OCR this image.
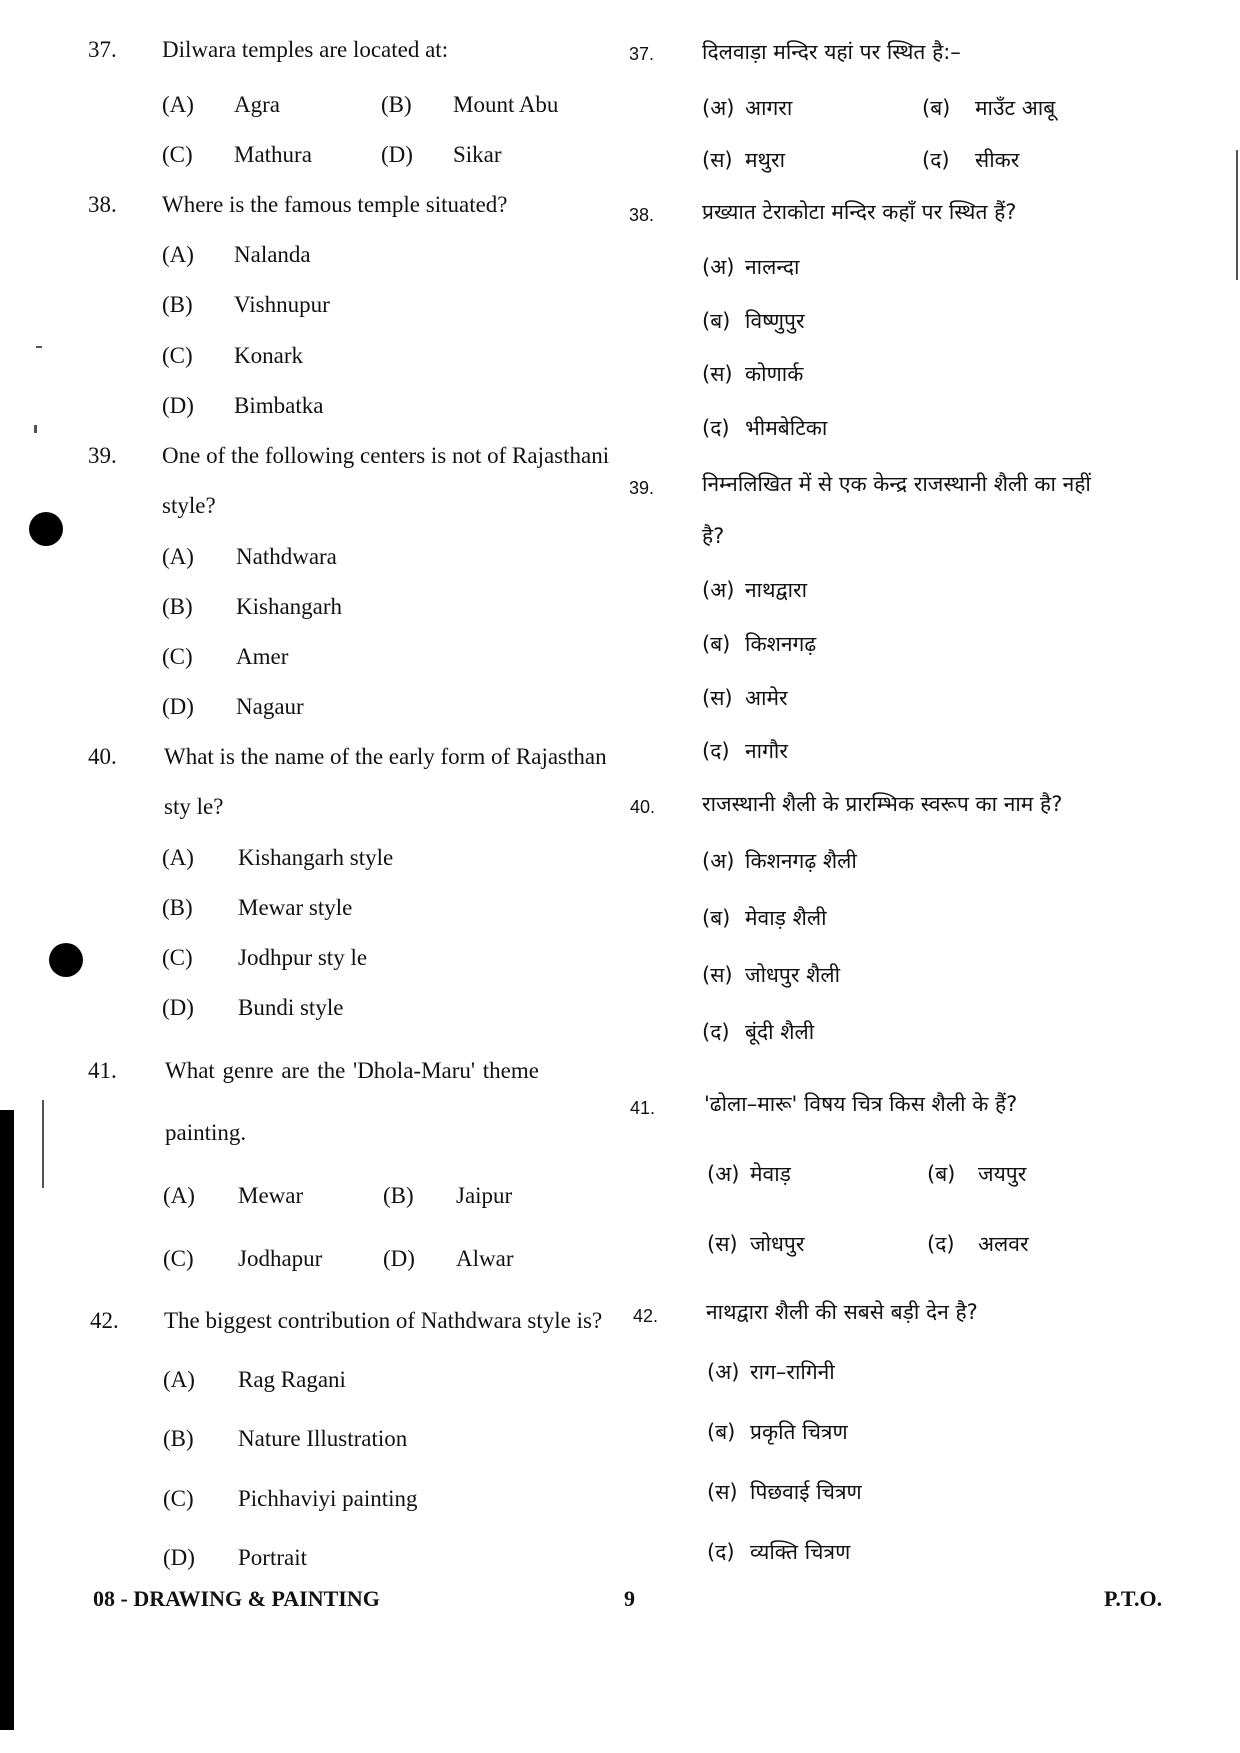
37. Dilwara temples are located at:
(A) Agra	(B) Mount Abu
(C) Mathura	(D) Sikar
38. Where is the famous temple situated?
(A) Nalanda
(B) Vishnupur
(C) Konark
(D) Bimbatka
39. One of the following centers is not of Rajasthani
style?
(A) Nathdwara
(B) Kishangarh
(C) Amer
(D) Nagaur
40. What is the name of the early form of Rajasthan
sty le?
(A) Kishangarh style
(B) Mewar style
(C) Jodhpur sty le
(D) Bundi style
41. What genre are the 'Dhola-Maru' theme
painting.
(A) Mewar	(B) Jaipur
(C) Jodhapur	(D) Alwar
42. The biggest contribution of Nathdwara style is?
(A) Rag Ragani
(B) Nature Illustration
(C) Pichhaviyi painting
(D) Portrait
37. दिलवाड़ा मन्दिर यहां पर स्थित है:–
(अ) आगरा	(ब) माउँट आबू
(स) मथुरा	(द) सीकर
38. प्रख्यात टेराकोटा मन्दिर कहाँ पर स्थित हैं?
(अ) नालन्दा
(ब) विष्णुपुर
(स) कोणार्क
(द) भीमबेटिका
39. निम्नलिखित में से एक केन्द्र राजस्थानी शैली का नहीं
है?
(अ) नाथद्वारा
(ब) किशनगढ़
(स) आमेर
(द) नागौर
40. राजस्थानी शैली के प्रारम्भिक स्वरूप का नाम है?
(अ) किशनगढ़ शैली
(ब) मेवाड़ शैली
(स) जोधपुर शैली
(द) बूंदी शैली
41. 'ढोला–मारू' विषय चित्र किस शैली के हैं?
(अ) मेवाड़	(ब) जयपुर
(स) जोधपुर	(द) अलवर
42. नाथद्वारा शैली की सबसे बड़ी देन है?
(अ) राग–रागिनी
(ब) प्रकृति चित्रण
(स) पिछवाई चित्रण
(द) व्यक्ति चित्रण
08 - DRAWING & PAINTING	9	P.T.O.
